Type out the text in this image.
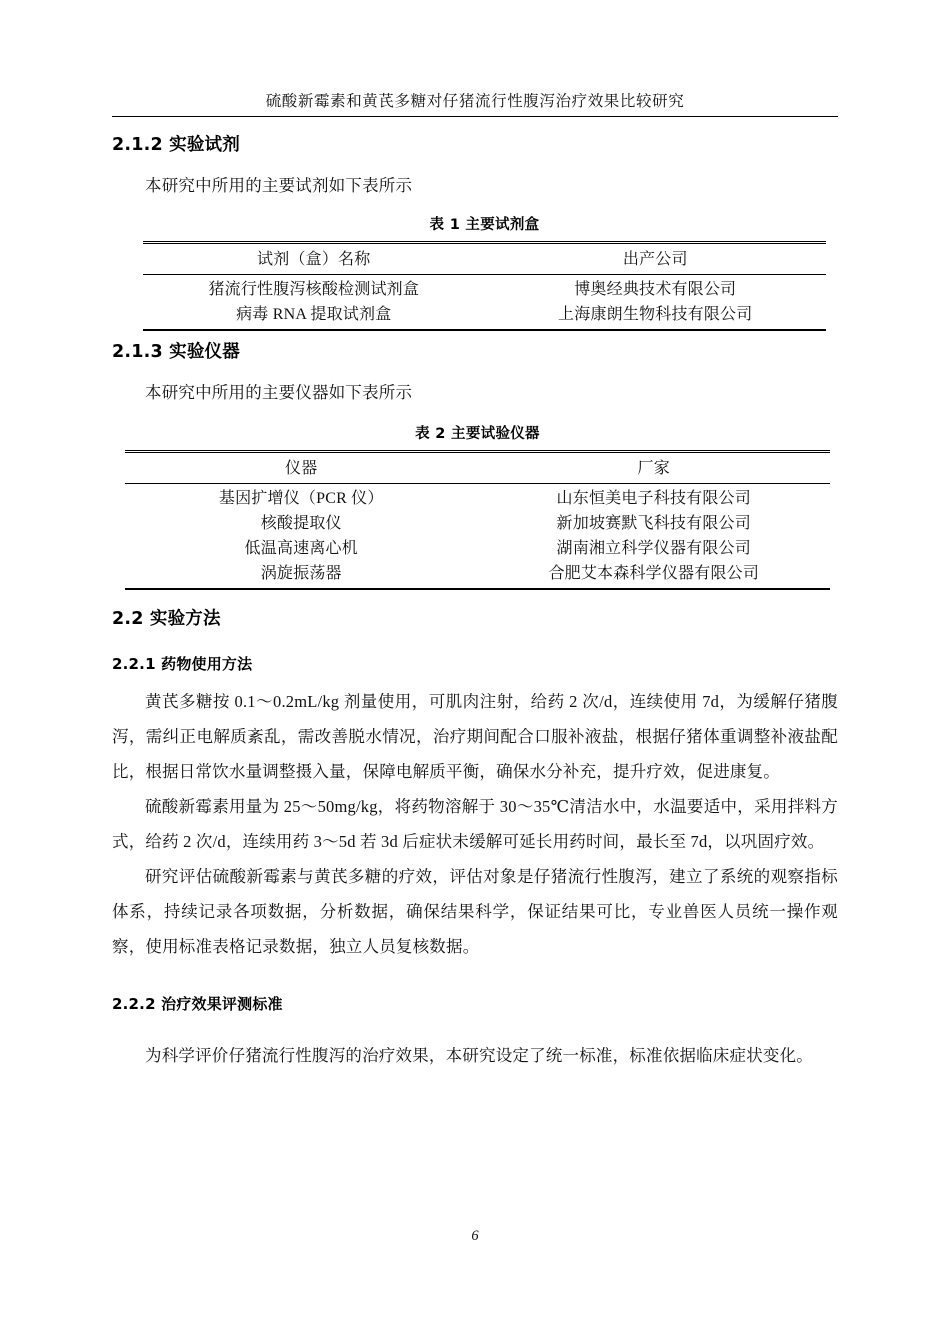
硫酸新霉素和黄芪多糖对仔猪流行性腹泻治疗效果比较研究
2.1.2 实验试剂

本研究中所用的主要试剂如下表所示

表 1 主要试剂盒
试剂（盒）名称	出产公司
猪流行性腹泻核酸检测试剂盒	博奥经典技术有限公司
病毒 RNA 提取试剂盒	上海康朗生物科技有限公司
2.1.3 实验仪器

本研究中所用的主要仪器如下表所示

表 2 主要试验仪器
仪器	厂家
基因扩增仪（PCR 仪）	山东恒美电子科技有限公司
核酸提取仪	新加坡赛默飞科技有限公司
低温高速离心机	湖南湘立科学仪器有限公司
涡旋振荡器	合肥艾本森科学仪器有限公司
2.2 实验方法
2.2.1 药物使用方法

黄芪多糖按 0.1～0.2mL/kg 剂量使用，可肌肉注射，给药 2 次/d，连续使用 7d，为缓解仔猪腹泻，需纠正电解质紊乱，需改善脱水情况，治疗期间配合口服补液盐，根据仔猪体重调整补液盐配比，根据日常饮水量调整摄入量，保障电解质平衡，确保水分补充，提升疗效，促进康复。

硫酸新霉素用量为 25～50mg/kg，将药物溶解于 30～35℃清洁水中，水温要适中，采用拌料方式，给药 2 次/d，连续用药 3～5d 若 3d 后症状未缓解可延长用药时间，最长至 7d，以巩固疗效。

研究评估硫酸新霉素与黄芪多糖的疗效，评估对象是仔猪流行性腹泻，建立了系统的观察指标体系，持续记录各项数据，分析数据，确保结果科学，保证结果可比，专业兽医人员统一操作观察，使用标准表格记录数据，独立人员复核数据。

2.2.2 治疗效果评测标准

为科学评价仔猪流行性腹泻的治疗效果，本研究设定了统一标准，标准依据临床症状变化。

6
